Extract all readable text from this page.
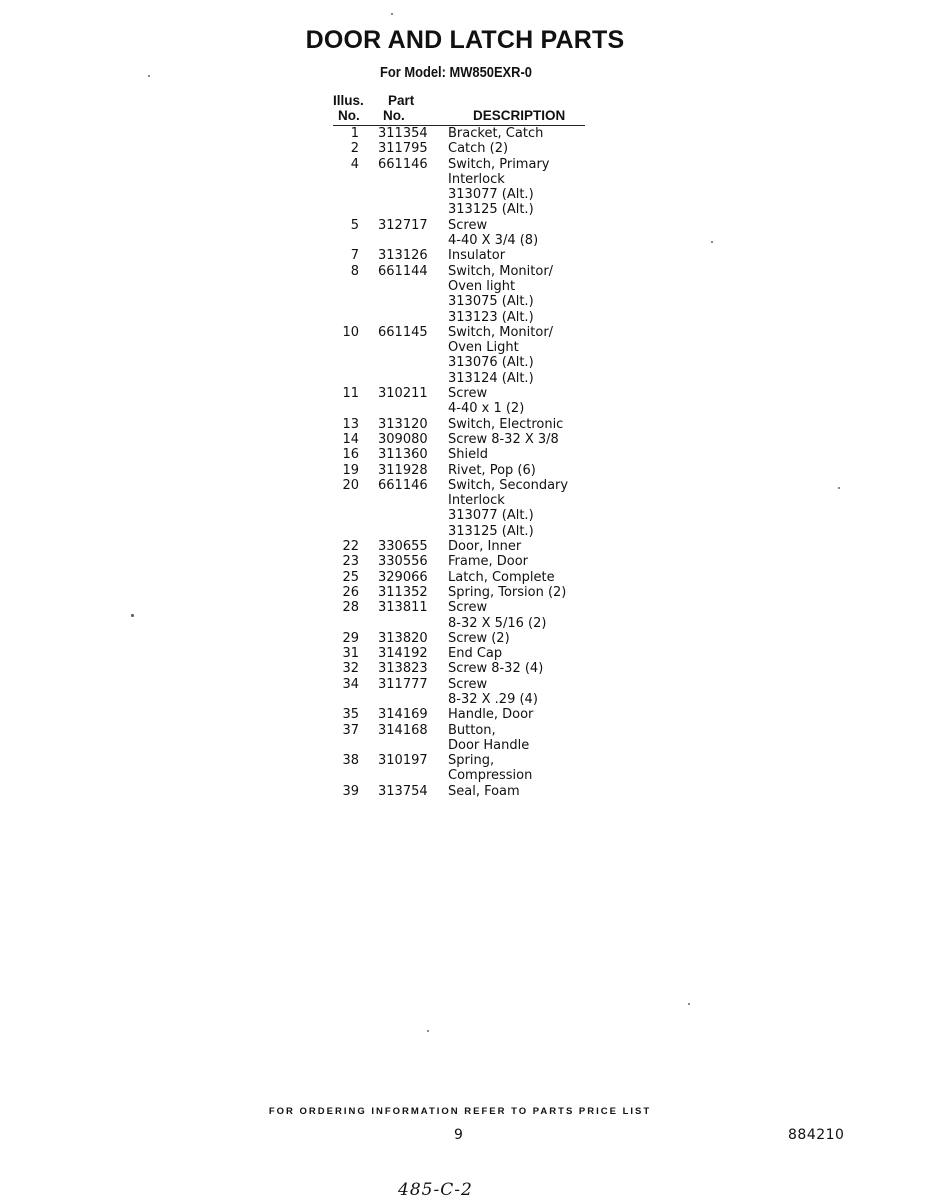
DOOR AND LATCH PARTS
For Model: MW850EXR-0
Illus.
No.
Part
No.	DESCRIPTION
1 311354 Bracket, Catch
2 311795 Catch (2)
4 661146 Switch, Primary
Interlock
313077 (Alt.)
313125 (Alt.)
5 312717 Screw
4-40 X 3/4 (8)
7 313126 Insulator
8 661144 Switch, Monitor/
Oven light
313075 (Alt.)
313123 (Alt.)
10 661145 Switch, Monitor/
Oven Light
313076 (Alt.)
313124 (Alt.)
11 310211 Screw
4-40 x 1 (2)
13 313120 Switch, Electronic
14 309080 Screw 8-32 X 3/8
16 311360 Shield
19 311928 Rivet, Pop (6)
20 661146 Switch, Secondary
Interlock
313077 (Alt.)
313125 (Alt.)
22 330655 Door, Inner
23 330556 Frame, Door
25 329066 Latch, Complete
26 311352 Spring, Torsion (2)
28 313811 Screw
8-32 X 5/16 (2)
29 313820 Screw (2)
31 314192 End Cap
32 313823 Screw 8-32 (4)
34 311777 Screw
8-32 X .29 (4)
35 314169 Handle, Door
37 314168 Button,
Door Handle
38 310197 Spring,
Compression
39 313754 Seal, Foam
FOR ORDERING INFORMATION REFER TO PARTS PRICE LIST
9	884210
485-C-2
